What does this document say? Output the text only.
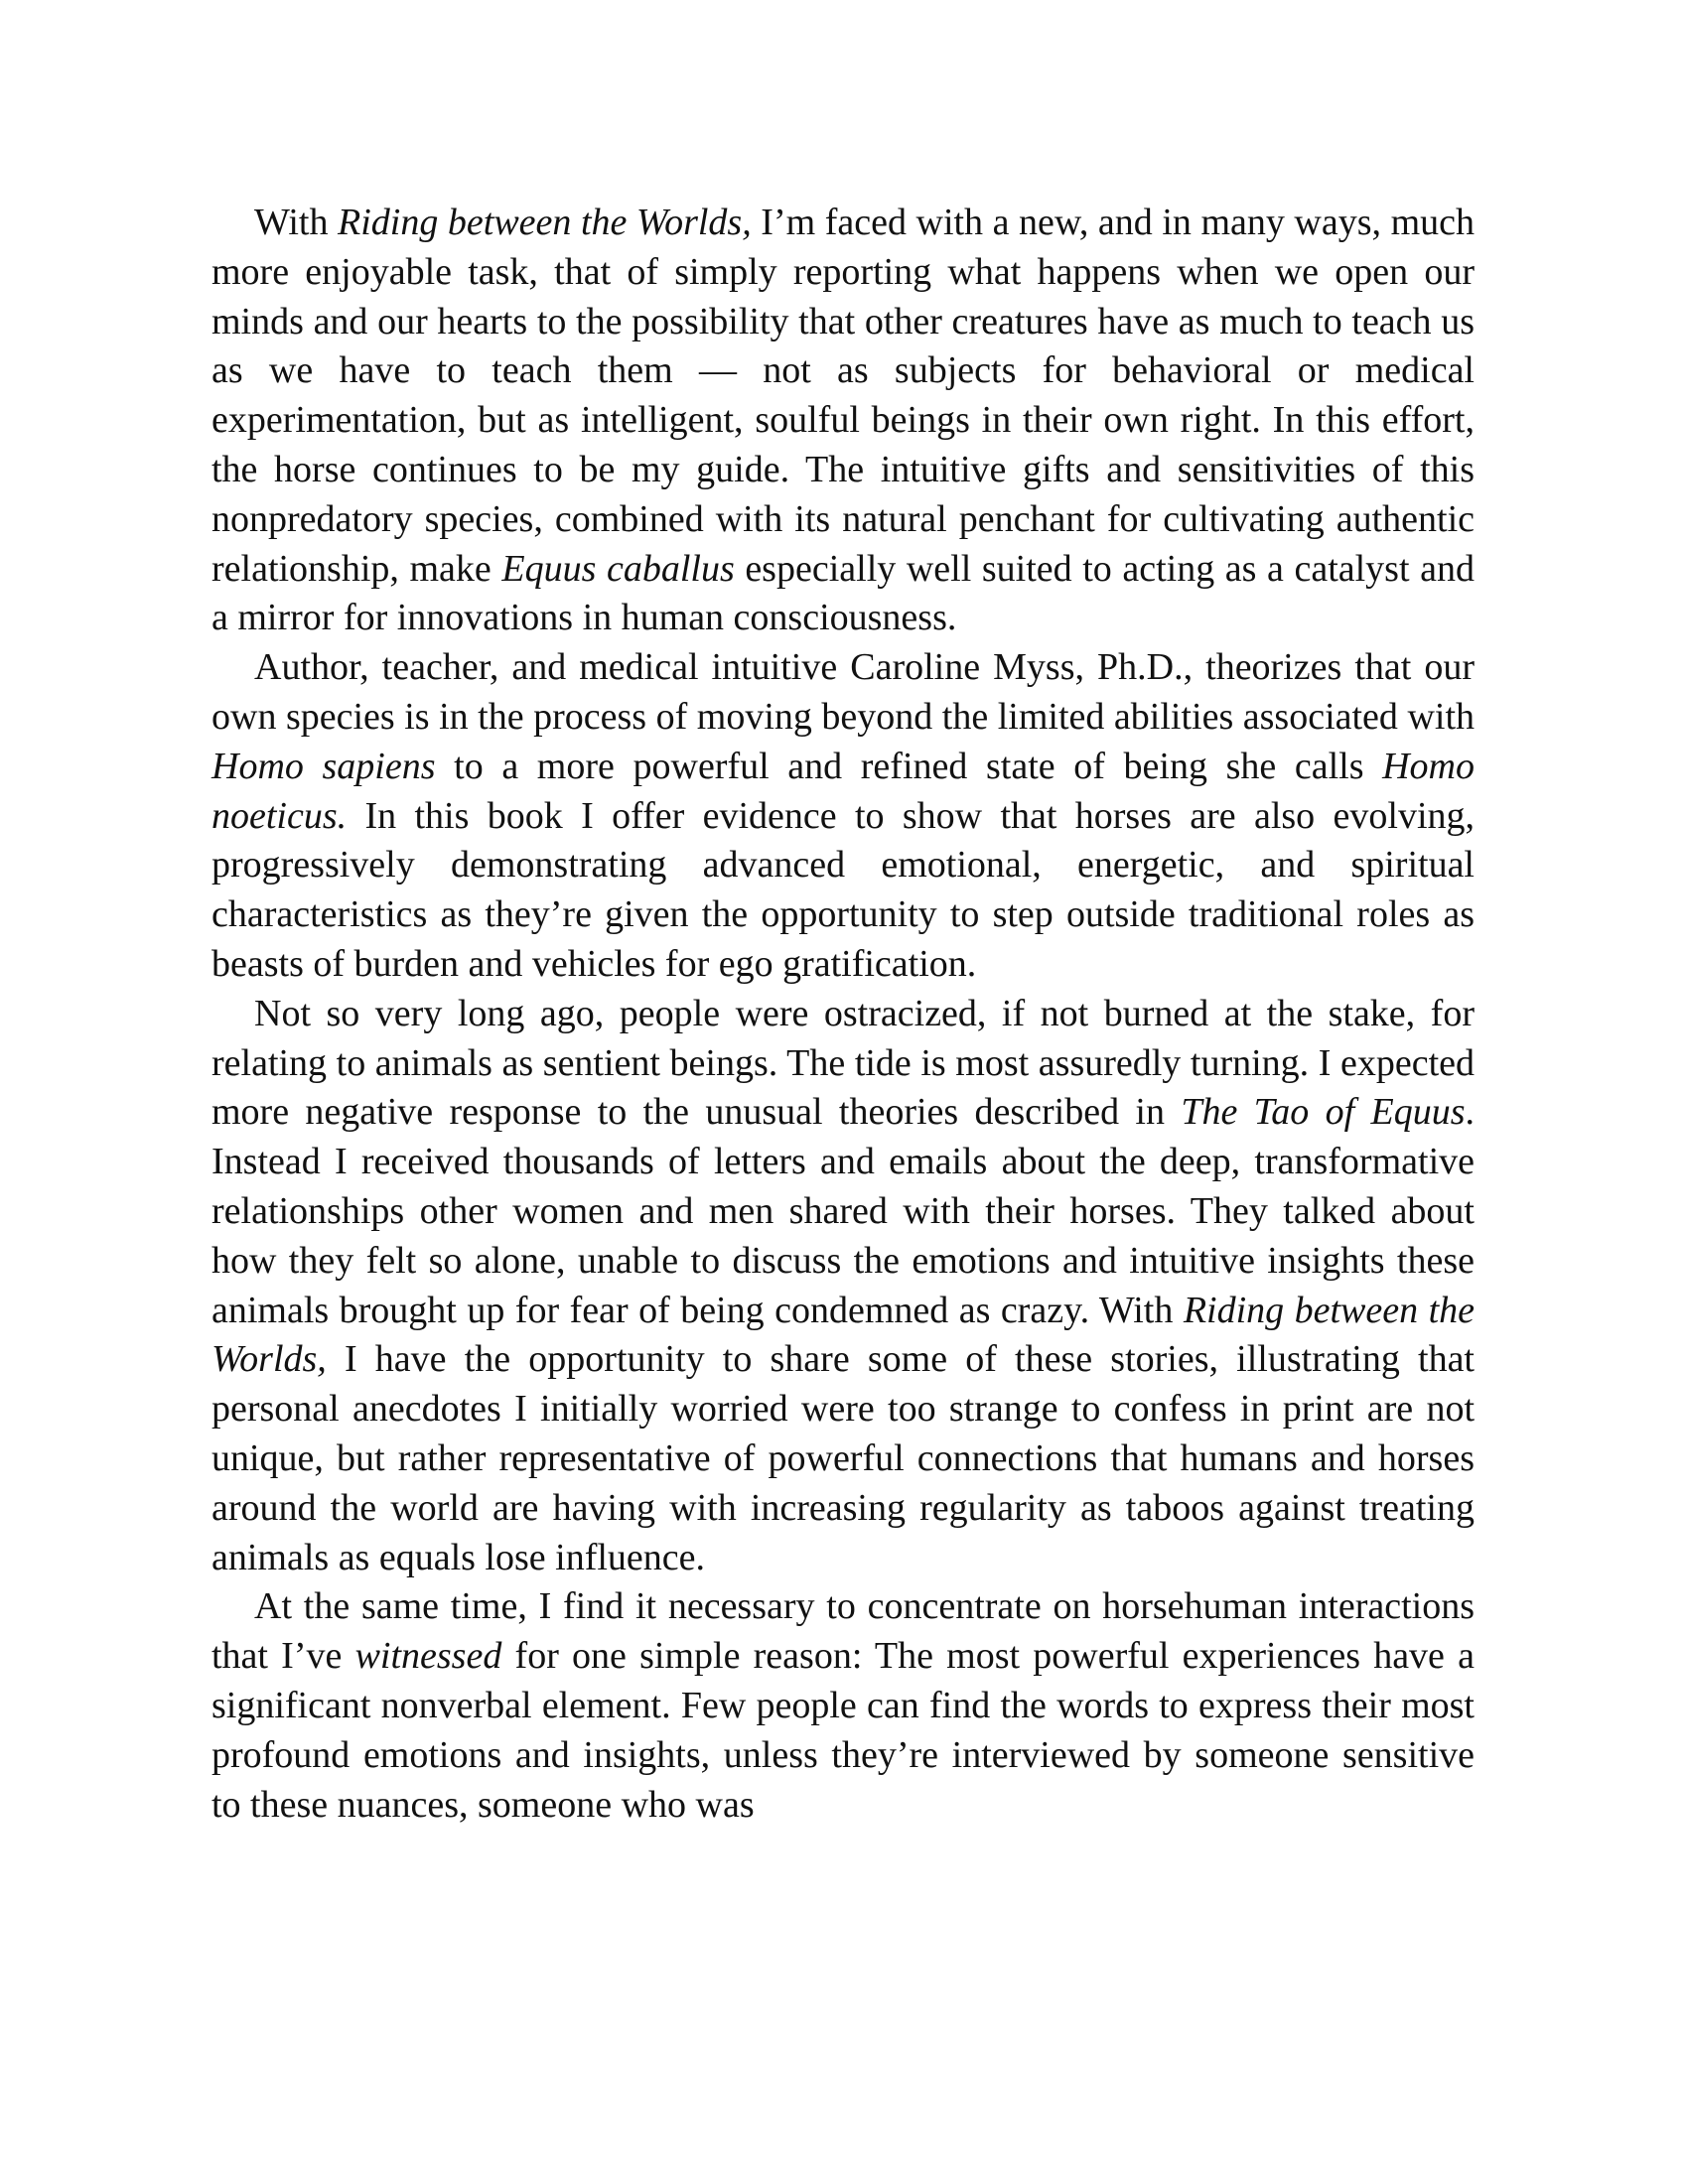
With Riding between the Worlds, I’m faced with a new, and in many ways, much more enjoyable task, that of simply reporting what happens when we open our minds and our hearts to the possibility that other creatures have as much to teach us as we have to teach them — not as subjects for behavioral or medical experimentation, but as intelligent, soulful beings in their own right. In this effort, the horse continues to be my guide. The intuitive gifts and sensitivities of this nonpredatory species, combined with its natural penchant for cultivating authentic relationship, make Equus caballus especially well suited to acting as a catalyst and a mirror for innovations in human consciousness.

Author, teacher, and medical intuitive Caroline Myss, Ph.D., theorizes that our own species is in the process of moving beyond the limited abilities associated with Homo sapiens to a more powerful and refined state of being she calls Homo noeticus. In this book I offer evidence to show that horses are also evolving, progressively demonstrating advanced emotional, energetic, and spiritual characteristics as they’re given the opportunity to step outside traditional roles as beasts of burden and vehicles for ego gratification.

Not so very long ago, people were ostracized, if not burned at the stake, for relating to animals as sentient beings. The tide is most assuredly turning. I expected more negative response to the unusual theories described in The Tao of Equus. Instead I received thousands of letters and emails about the deep, transformative relationships other women and men shared with their horses. They talked about how they felt so alone, unable to discuss the emotions and intuitive insights these animals brought up for fear of being condemned as crazy. With Riding between the Worlds, I have the opportunity to share some of these stories, illustrating that personal anecdotes I initially worried were too strange to confess in print are not unique, but rather representative of powerful connections that humans and horses around the world are having with increasing regularity as taboos against treating animals as equals lose influence.

At the same time, I find it necessary to concentrate on horsehuman interactions that I’ve witnessed for one simple reason: The most powerful experiences have a significant nonverbal element. Few people can find the words to express their most profound emotions and insights, unless they’re interviewed by someone sensitive to these nuances, someone who was
